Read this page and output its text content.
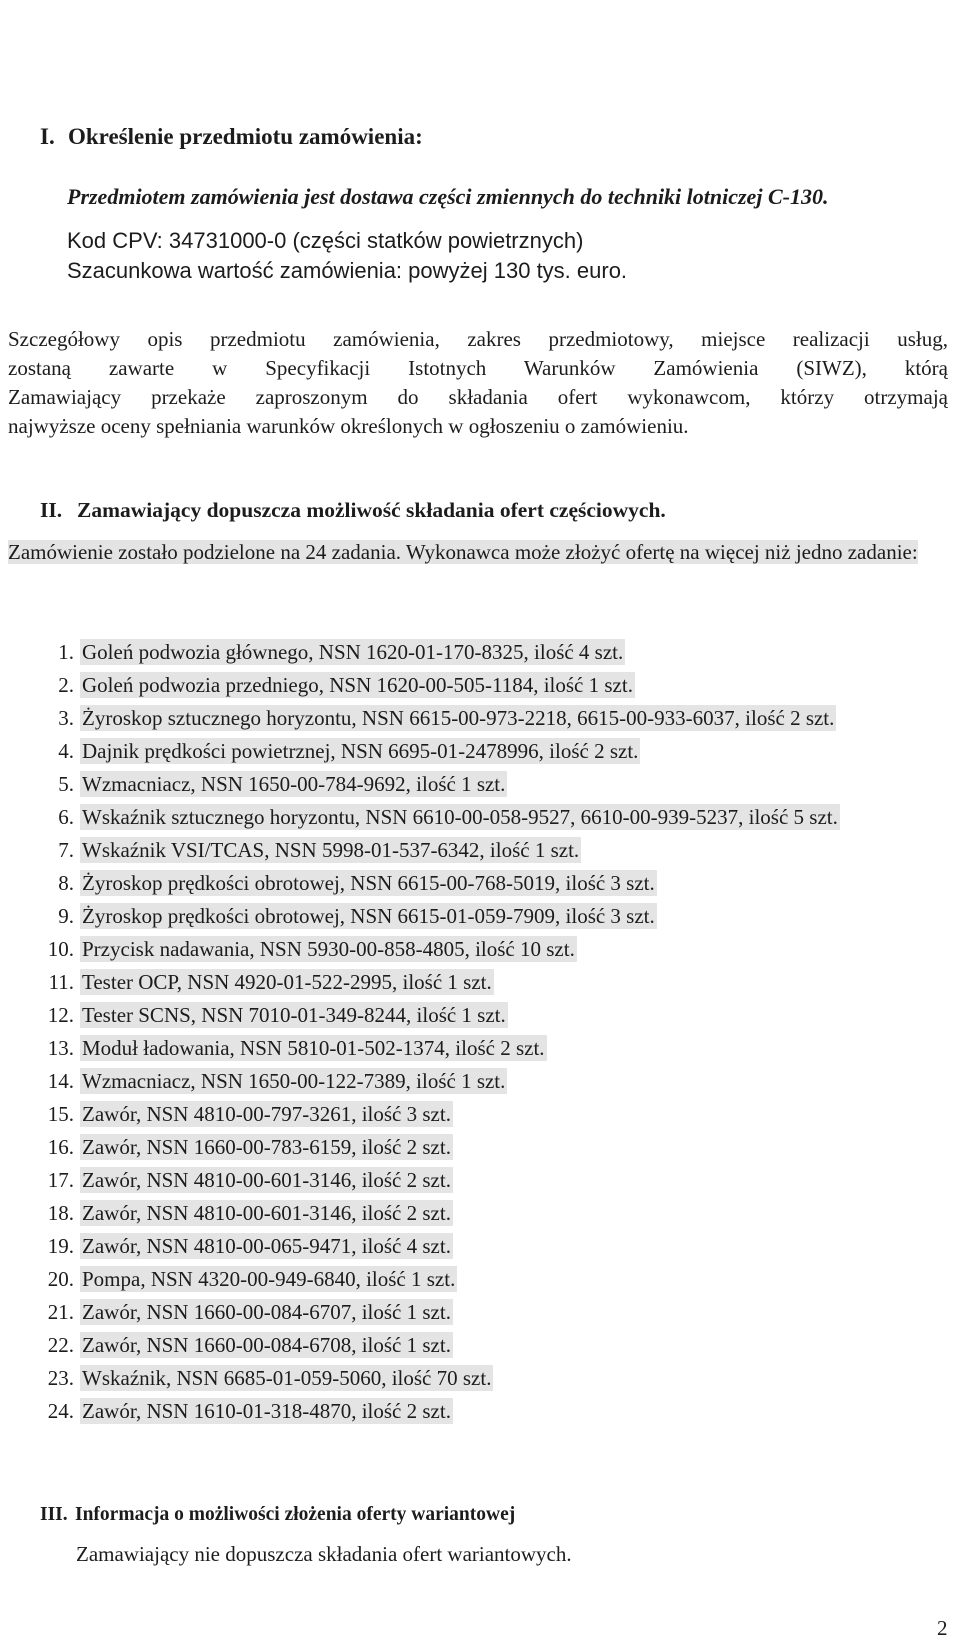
I. Określenie przedmiotu zamówienia:
Przedmiotem zamówienia jest dostawa części zmiennych do techniki lotniczej C-130.
Kod CPV: 34731000-0 (części statków powietrznych)
Szacunkowa wartość zamówienia: powyżej 130 tys. euro.
Szczegółowy opis przedmiotu zamówienia, zakres przedmiotowy, miejsce realizacji usług,
zostaną zawarte w Specyfikacji Istotnych Warunków Zamówienia (SIWZ), którą
Zamawiający przekaże zaproszonym do składania ofert wykonawcom, którzy otrzymają
najwyższe oceny spełniania warunków określonych w ogłoszeniu o zamówieniu.
II. Zamawiający dopuszcza możliwość składania ofert częściowych.
Zamówienie zostało podzielone na 24 zadania. Wykonawca może złożyć ofertę na więcej niż jedno zadanie:
1. Goleń podwozia głównego, NSN 1620-01-170-8325, ilość 4 szt.
2. Goleń podwozia przedniego, NSN 1620-00-505-1184, ilość 1 szt.
3. Żyroskop sztucznego horyzontu, NSN 6615-00-973-2218, 6615-00-933-6037, ilość 2 szt.
4. Dajnik prędkości powietrznej, NSN 6695-01-2478996, ilość 2 szt.
5. Wzmacniacz, NSN 1650-00-784-9692, ilość 1 szt.
6. Wskaźnik sztucznego horyzontu, NSN 6610-00-058-9527, 6610-00-939-5237, ilość 5 szt.
7. Wskaźnik VSI/TCAS, NSN 5998-01-537-6342, ilość 1 szt.
8. Żyroskop prędkości obrotowej, NSN 6615-00-768-5019, ilość 3 szt.
9. Żyroskop prędkości obrotowej, NSN 6615-01-059-7909, ilość 3 szt.
10. Przycisk nadawania, NSN 5930-00-858-4805, ilość 10 szt.
11. Tester OCP, NSN 4920-01-522-2995, ilość 1 szt.
12. Tester SCNS, NSN 7010-01-349-8244, ilość 1 szt.
13. Moduł ładowania, NSN 5810-01-502-1374, ilość 2 szt.
14. Wzmacniacz, NSN 1650-00-122-7389, ilość 1 szt.
15. Zawór, NSN 4810-00-797-3261, ilość 3 szt.
16. Zawór, NSN 1660-00-783-6159, ilość 2 szt.
17. Zawór, NSN 4810-00-601-3146, ilość 2 szt.
18. Zawór, NSN 4810-00-601-3146, ilość 2 szt.
19. Zawór, NSN 4810-00-065-9471, ilość 4 szt.
20. Pompa, NSN 4320-00-949-6840, ilość 1 szt.
21. Zawór, NSN 1660-00-084-6707, ilość 1 szt.
22. Zawór, NSN 1660-00-084-6708, ilość 1 szt.
23. Wskaźnik, NSN 6685-01-059-5060, ilość 70 szt.
24. Zawór, NSN 1610-01-318-4870, ilość 2 szt.
III. Informacja o możliwości złożenia oferty wariantowej
Zamawiający nie dopuszcza składania ofert wariantowych.
2
